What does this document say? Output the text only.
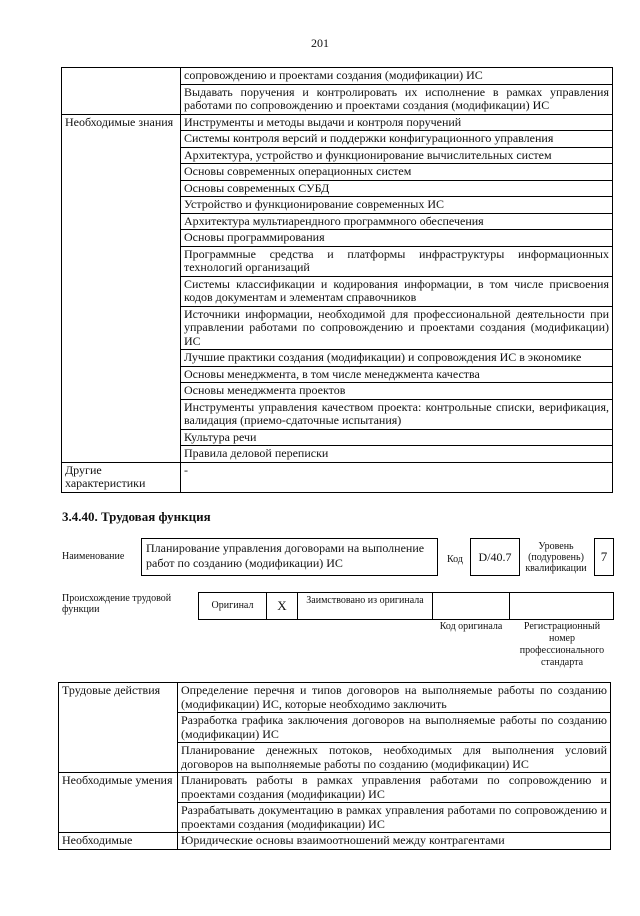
201
	сопровождению и проектами создания (модификации) ИС
	Выдавать поручения и контролировать их исполнение в рамках управления работами по сопровождению и проектами создания (модификации) ИС
Необходимые знания	Инструменты и методы выдачи и контроля поручений
	Системы контроля версий и поддержки конфигурационного управления
	Архитектура, устройство и функционирование вычислительных систем
	Основы современных операционных систем
	Основы современных СУБД
	Устройство и функционирование современных ИС
	Архитектура мультиарендного программного обеспечения
	Основы программирования
	Программные средства и платформы инфраструктуры информационных технологий организаций
	Системы классификации и кодирования информации, в том числе присвоения кодов документам и элементам справочников
	Источники информации, необходимой для профессиональной деятельности при управлении работами по сопровождению и проектами создания (модификации) ИС
	Лучшие практики создания (модификации) и сопровождения ИС в экономике
	Основы менеджмента, в том числе менеджмента качества
	Основы менеджмента проектов
	Инструменты управления качеством проекта: контрольные списки, верификация, валидация (приемо-сдаточные испытания)
	Культура речи
	Правила деловой переписки
Другие характеристики	-
3.4.40. Трудовая функция
Наименование
Планирование управления договорами на выполнение работ по созданию (модификации) ИС	Код	D/40.7
Уровень (подуровень) квалификации
7
Происхождение трудовой функции	Оригинал	X	Заимствовано из оригинала
Код оригинала	Регистрационный номер профессионального стандарта
Трудовые действия	Определение перечня и типов договоров на выполняемые работы по созданию (модификации) ИС, которые необходимо заключить
	Разработка графика заключения договоров на выполняемые работы по созданию (модификации) ИС
	Планирование денежных потоков, необходимых для выполнения условий договоров на выполняемые работы по созданию (модификации) ИС
Необходимые умения	Планировать работы в рамках управления работами по сопровождению и проектами создания (модификации) ИС
	Разрабатывать документацию в рамках управления работами по сопровождению и проектами создания (модификации) ИС
Необходимые	Юридические основы взаимоотношений между контрагентами
